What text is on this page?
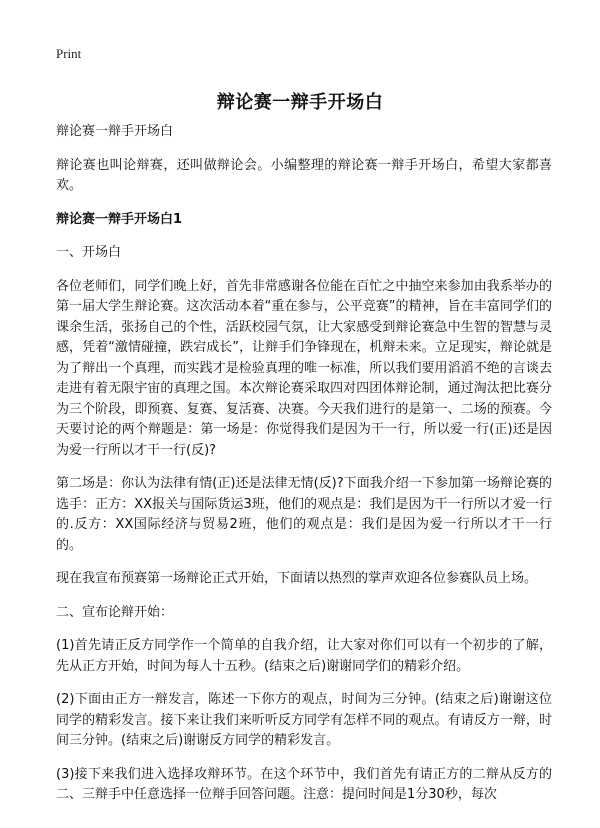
Print
辩论赛一辩手开场白

辩论赛一辩手开场白

辩论赛也叫论辩赛，还叫做辩论会。小编整理的辩论赛一辩手开场白，希望大家都喜欢。

辩论赛一辩手开场白1

一、开场白

各位老师们，同学们晚上好，首先非常感谢各位能在百忙之中抽空来参加由我系举办的第一届大学生辩论赛。这次活动本着“重在参与，公平竞赛”的精神，旨在丰富同学们的课余生活，张扬自己的个性，活跃校园气氛，让大家感受到辩论赛急中生智的智慧与灵感，凭着“激情碰撞，跌宕成长”，让辩手们争锋现在，机辩未来。立足现实，辩论就是为了辩出一个真理，而实践才是检验真理的唯一标准，所以我们要用滔滔不绝的言谈去走进有着无限宇宙的真理之国。本次辩论赛采取四对四团体辩论制，通过淘汰把比赛分为三个阶段，即预赛、复赛、复活赛、决赛。今天我们进行的是第一、二场的预赛。今天要讨论的两个辩题是：第一场是：你觉得我们是因为干一行，所以爱一行(正)还是因为爱一行所以才干一行(反)?

第二场是：你认为法律有情(正)还是法律无情(反)?下面我介绍一下参加第一场辩论赛的选手：正方：XX报关与国际货运3班，他们的观点是：我们是因为干一行所以才爱一行的.反方：XX国际经济与贸易2班，他们的观点是：我们是因为爱一行所以才干一行的。

现在我宣布预赛第一场辩论正式开始，下面请以热烈的掌声欢迎各位参赛队员上场。

二、宣布论辩开始：

(1)首先请正反方同学作一个简单的自我介绍，让大家对你们可以有一个初步的了解，先从正方开始，时间为每人十五秒。(结束之后)谢谢同学们的精彩介绍。

(2)下面由正方一辩发言，陈述一下你方的观点，时间为三分钟。(结束之后)谢谢这位同学的精彩发言。接下来让我们来听听反方同学有怎样不同的观点。有请反方一辩，时间三分钟。(结束之后)谢谢反方同学的精彩发言。

(3)接下来我们进入选择攻辩环节。在这个环节中，我们首先有请正方的二辩从反方的二、三辩手中任意选择一位辩手回答问题。注意：提问时间是1分30秒，每次
